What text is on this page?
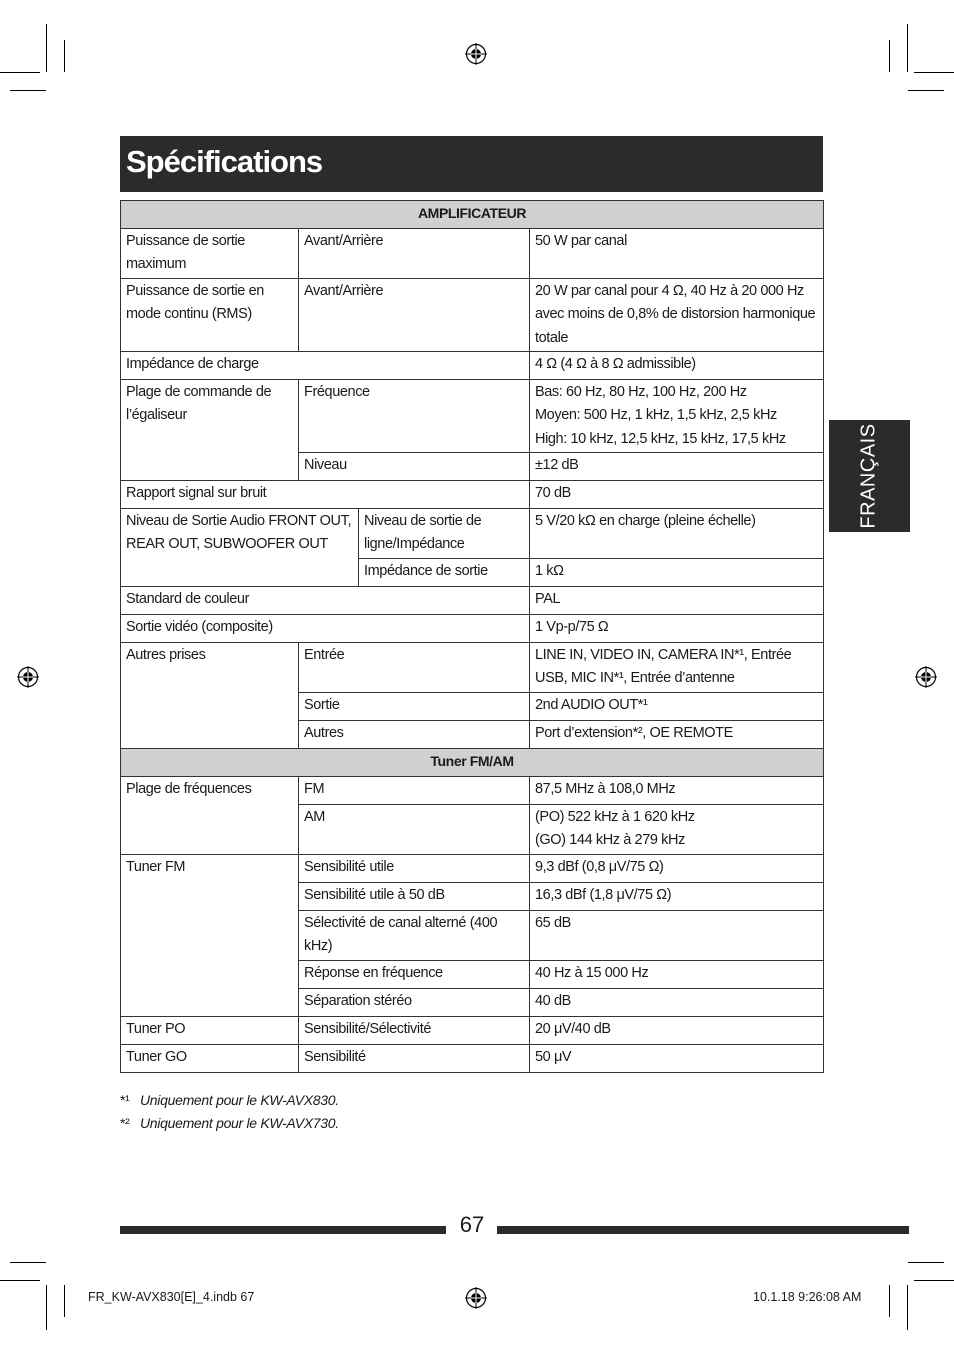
Spécifications
FRANÇAIS
AMPLIFICATEUR			
Puissance de sortie maximum	Avant/Arrière		50 W par canal
Puissance de sortie en mode continu (RMS)	Avant/Arrière		20 W par canal pour 4 Ω, 40 Hz à 20 000 Hz avec moins de 0,8% de distorsion harmonique totale
Impédance de charge			4 Ω (4 Ω à 8 Ω admissible)
Plage de commande de l’égaliseur	Fréquence		Bas: 60 Hz, 80 Hz, 100 Hz, 200 Hz
Moyen: 500 Hz, 1 kHz, 1,5 kHz, 2,5 kHz
High: 10 kHz, 12,5 kHz, 15 kHz, 17,5 kHz

	Niveau		±12 dB
Rapport signal sur bruit			70 dB
Niveau de Sortie Audio FRONT OUT, REAR OUT, SUBWOOFER OUT		Niveau de sortie de ligne/Impédance	5 V/20 kΩ en charge (pleine échelle)
		Impédance de sortie	1 kΩ
Standard de couleur			PAL
Sortie vidéo (composite)			1 Vp-p/75 Ω
Autres prises	Entrée		LINE IN, VIDEO IN, CAMERA IN*¹, Entrée USB, MIC IN*¹, Entrée d’antenne
	Sortie		2nd AUDIO OUT*¹
	Autres		Port d’extension*², OE REMOTE
Tuner FM/AM			
Plage de fréquences	FM		87,5 MHz à 108,0 MHz
	AM		(PO) 522 kHz à 1 620 kHz
(GO) 144 kHz à 279 kHz

Tuner FM	Sensibilité utile		9,3 dBf (0,8 μV/75 Ω)
	Sensibilité utile à 50 dB		16,3 dBf (1,8 μV/75 Ω)
	Sélectivité de canal alterné (400 kHz)		65 dB
	Réponse en fréquence		40 Hz à 15 000 Hz
	Séparation stéréo		40 dB
Tuner PO	Sensibilité/Sélectivité		20 μV/40 dB
Tuner GO	Sensibilité		50 μV
*¹ Uniquement pour le KW-AVX830.
*² Uniquement pour le KW-AVX730.
67
FR_KW-AVX830[E]_4.indb 67	10.1.18 9:26:08 AM
